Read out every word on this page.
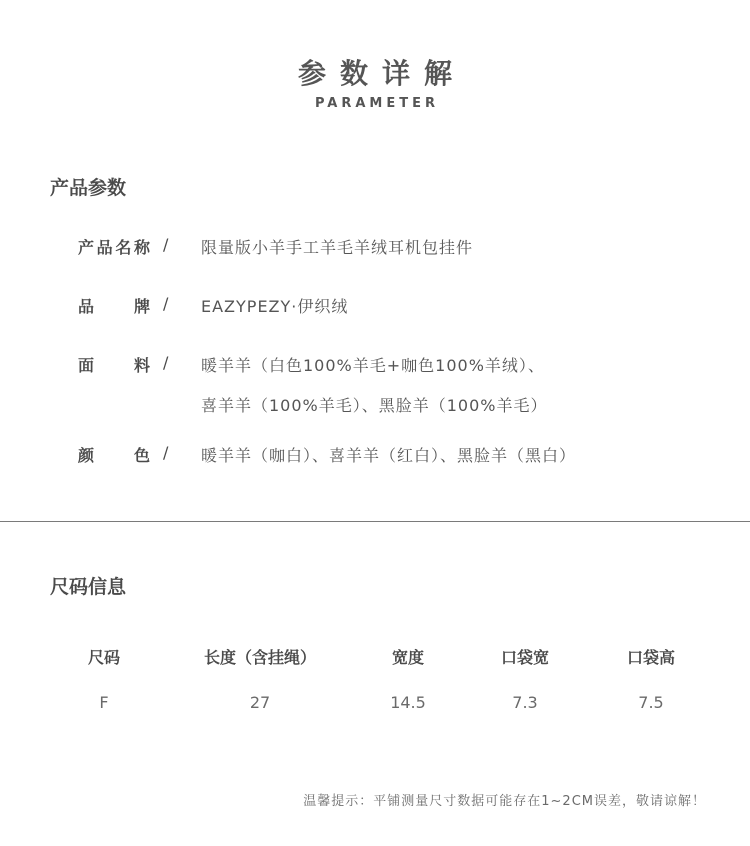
参数详解
PARAMETER
产品参数
产品名称 / 限量版小羊手工羊毛羊绒耳机包挂件
品牌 / EAZYPEZY·伊织绒
面料 / 暖羊羊（白色100%羊毛+咖色100%羊绒）、
喜羊羊（100%羊毛）、黑脸羊（100%羊毛）
颜色 / 暖羊羊（咖白）、喜羊羊（红白）、黑脸羊（黑白）
尺码信息
尺码	长度（含挂绳）	宽度	口袋宽	口袋高
F	27	14.5	7.3	7.5
温馨提示：平铺测量尺寸数据可能存在1~2CM误差，敬请谅解！
